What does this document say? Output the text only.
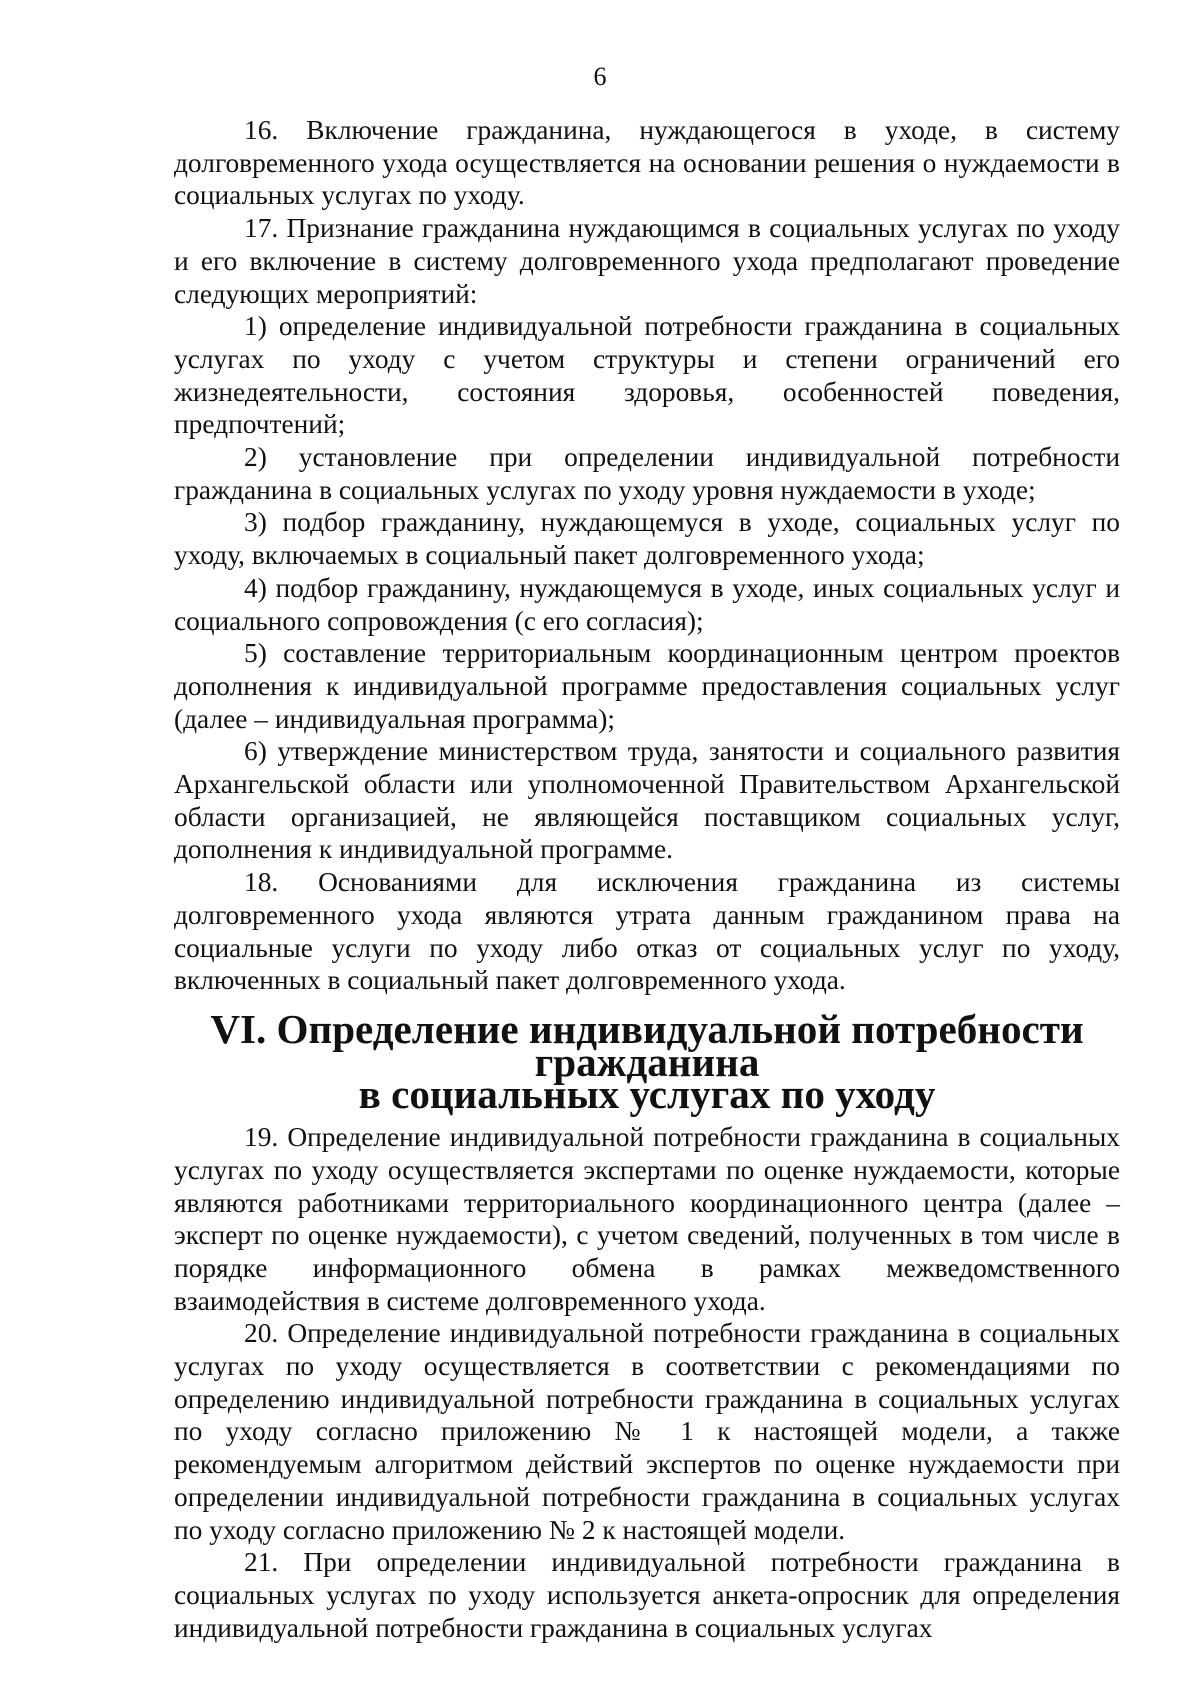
6

16. Включение гражданина, нуждающегося в уходе, в систему долговременного ухода осуществляется на основании решения о нуждаемости в социальных услугах по уходу.

17. Признание гражданина нуждающимся в социальных услугах по уходу и его включение в систему долговременного ухода предполагают проведение следующих мероприятий:

1) определение индивидуальной потребности гражданина в социальных услугах по уходу с учетом структуры и степени ограничений его жизнедеятельности, состояния здоровья, особенностей поведения, предпочтений;

2) установление при определении индивидуальной потребности гражданина в социальных услугах по уходу уровня нуждаемости в уходе;

3) подбор гражданину, нуждающемуся в уходе, социальных услуг по уходу, включаемых в социальный пакет долговременного ухода;

4) подбор гражданину, нуждающемуся в уходе, иных социальных услуг и социального сопровождения (с его согласия);

5) составление территориальным координационным центром проектов дополнения к индивидуальной программе предоставления социальных услуг (далее – индивидуальная программа);

6) утверждение министерством труда, занятости и социального развития Архангельской области или уполномоченной Правительством Архангельской области организацией, не являющейся поставщиком социальных услуг, дополнения к индивидуальной программе.

18. Основаниями для исключения гражданина из системы долговременного ухода являются утрата данным гражданином права на социальные услуги по уходу либо отказ от социальных услуг по уходу, включенных в социальный пакет долговременного ухода.

VI. Определение индивидуальной потребности гражданина
в социальных услугах по уходу

19. Определение индивидуальной потребности гражданина в социальных услугах по уходу осуществляется экспертами по оценке нуждаемости, которые являются работниками территориального координационного центра (далее – эксперт по оценке нуждаемости), с учетом сведений, полученных в том числе в порядке информационного обмена в рамках межведомственного взаимодействия в системе долговременного ухода.

20. Определение индивидуальной потребности гражданина в социальных услугах по уходу осуществляется в соответствии с рекомендациями по определению индивидуальной потребности гражданина в социальных услугах по уходу согласно приложению № 1 к настоящей модели, а также рекомендуемым алгоритмом действий экспертов по оценке нуждаемости при определении индивидуальной потребности гражданина в социальных услугах по уходу согласно приложению № 2 к настоящей модели.

21. При определении индивидуальной потребности гражданина в социальных услугах по уходу используется анкета-опросник для определения индивидуальной потребности гражданина в социальных услугах
